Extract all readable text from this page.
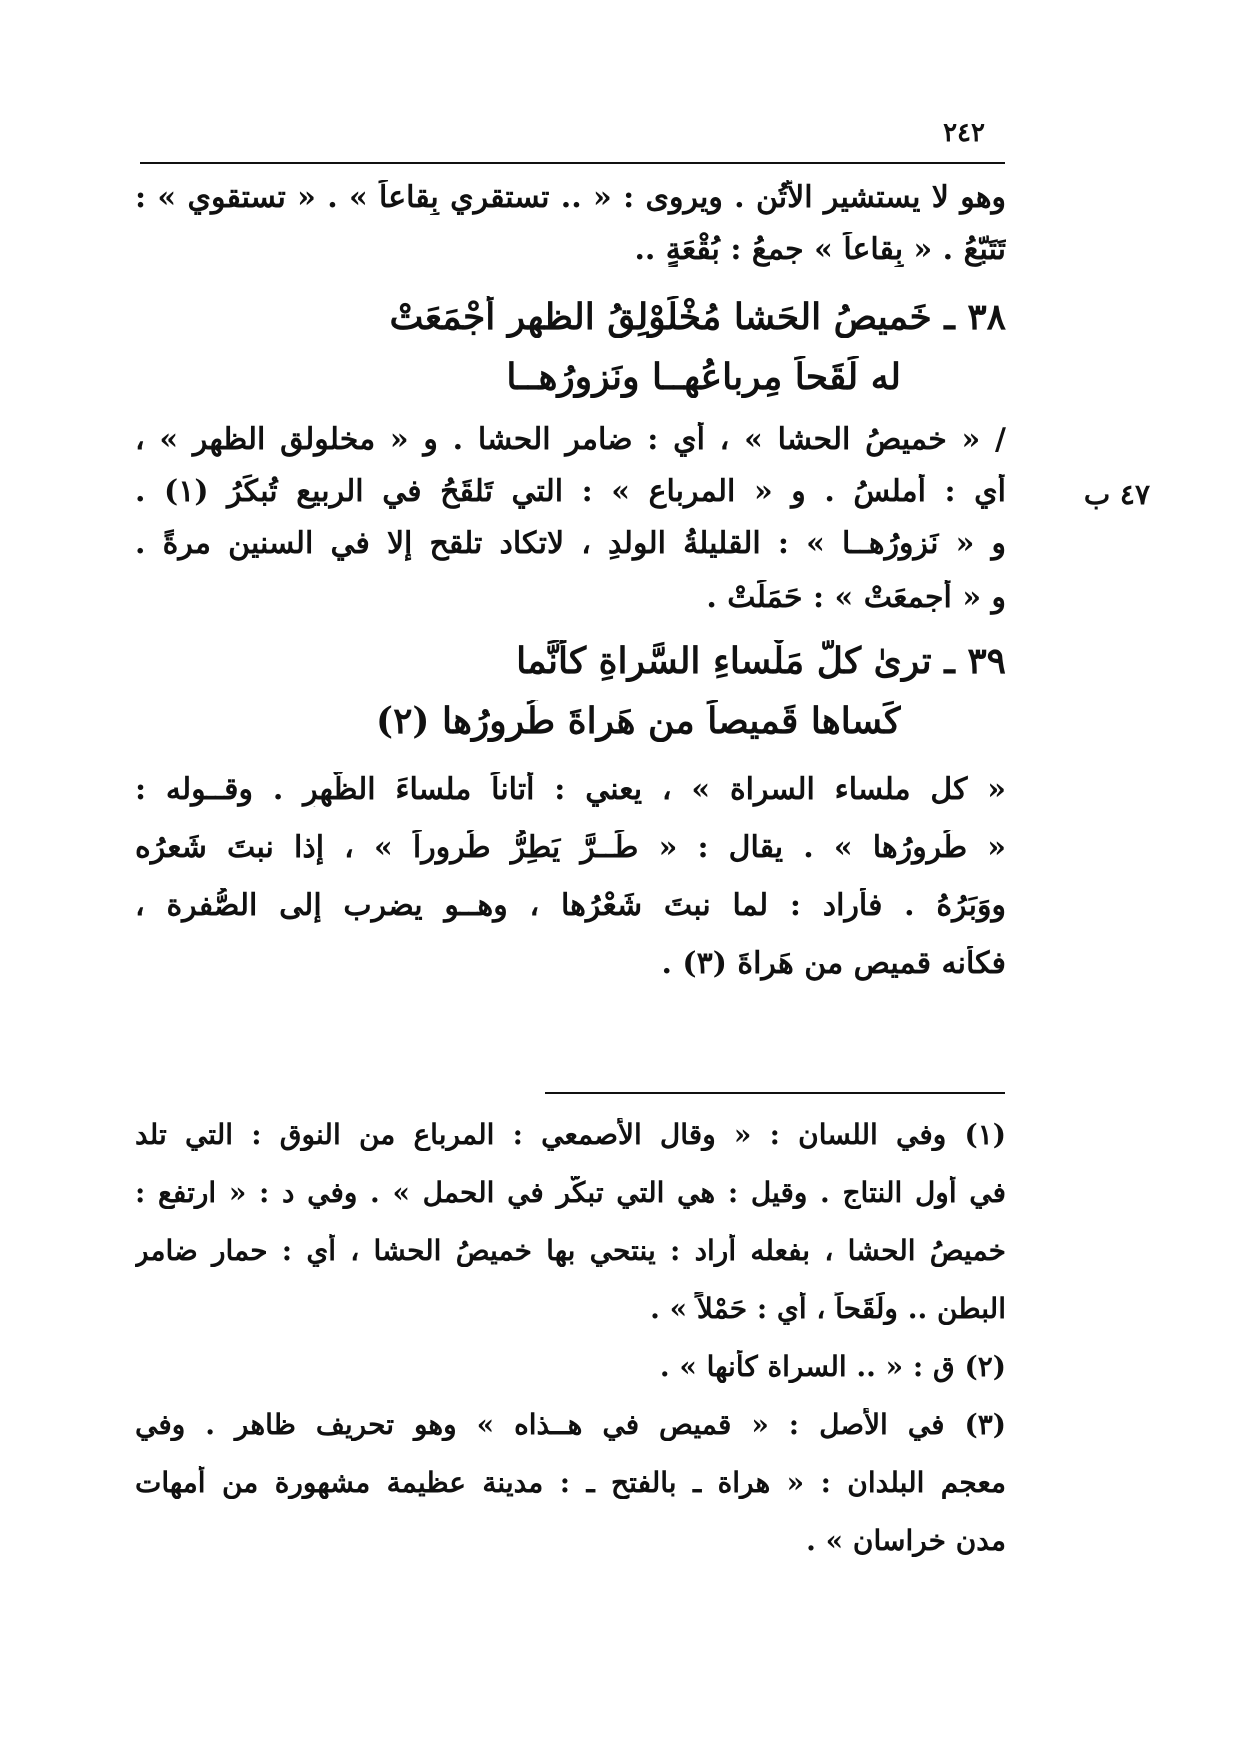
٢٤٢
٤٧ ب
وهو لا يستشير الأُتُن . ويروى : « .. تستقري بِقاعاً » . « تستقوي » :
تَتَبّعُ . « بِقاعاً » جمعُ : بُقْعَةٍ ..
٣٨ ـ خَميصُ الحَشا مُخْلَوْلِقُ الظهرِ أَجْمَعَتْ
له لَقَحاً مِرباعُهــا ونَزورُهــا
/ « خميصُ الحشا » ، أي : ضامر الحشا . و « مخلولق الظهر » ،
أي : أملسُ . و « المرباع » : التي تَلقَحُ في الربيع تُبكِّرُ (١) .
و « نَزورُهــا » : القليلةُ الولدِ ، لاتكاد تلقح إلا في السنين مرةً .
و « أجمعَتْ » : حَمَلَتْ .
٣٩ ـ ترىٰ كلَّ مَلْساءِ السَّراةِ كأنَّما
كَساها قَميصاً من هَراةَ طُرورُها (٢)
« كل ملساء السراة » ، يعني : أتاناً ملساءَ الظَّهرِ . وقــوله :
« طُرورُها » . يقال : « طَــرَّ يَطِرُّ طُروراً » ، إذا نبتَ شَعرُه
ووَبَرُهُ . فأراد : لما نبتَ شَعْرُها ، وهــو يضرب إلى الصُّفرة ،
فكأنه قميص من هَراةَ (٣) .
(١) وفي اللسان : « وقال الأصمعي : المرباع من النوق : التي تلد
في أول النتاج . وقيل : هي التي تبكّر في الحمل » . وفي د : « ارتفع :
خميصُ الحشا ، بفعله أراد : ينتحي بها خميصُ الحشا ، أي : حمار ضامر
البطن .. ولَقَحاً ، أي : حَمْلاً » .
(٢) ق : « .. السراة كأنها » .
(٣) في الأصل : « قميص في هــذاه » وهو تحريف ظاهر . وفي
معجم البلدان : « هراة ـ بالفتح ـ : مدينة عظيمة مشهورة من أمهات
مدن خراسان » .
